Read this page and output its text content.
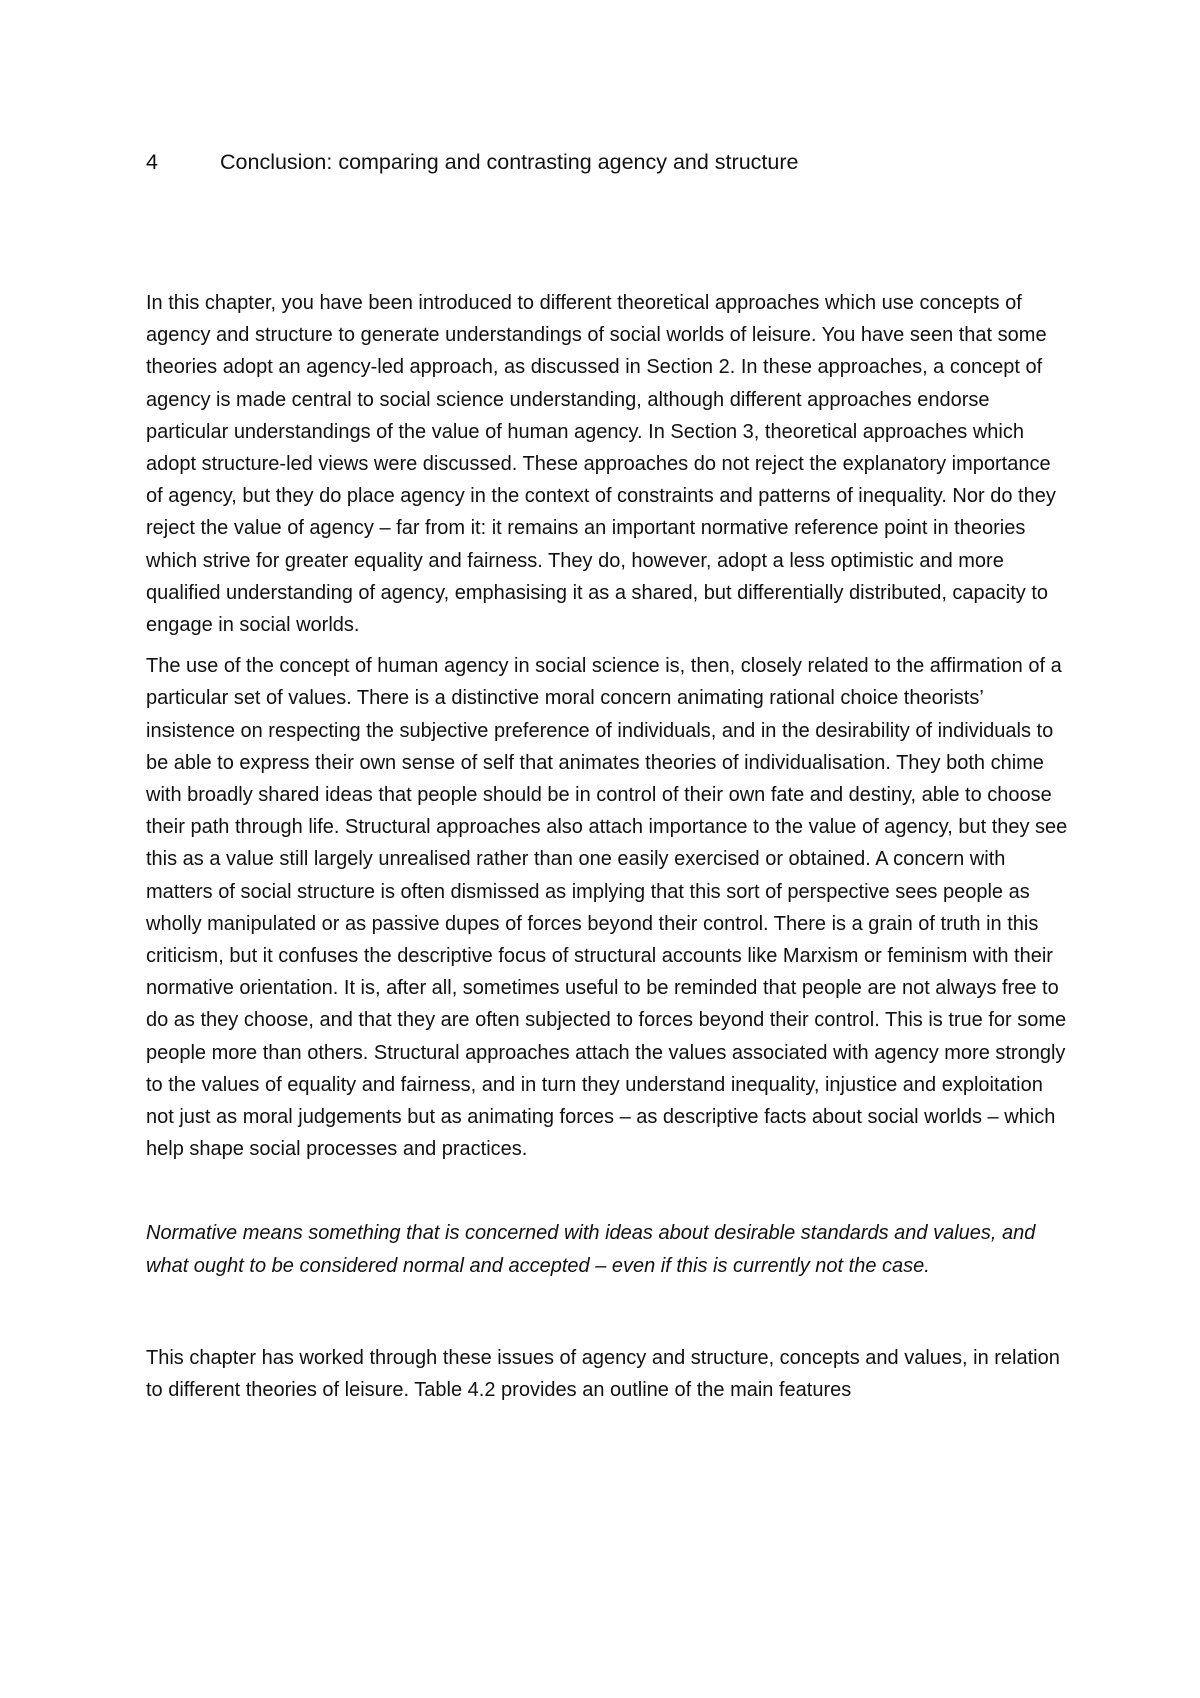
4	Conclusion: comparing and contrasting agency and structure

In this chapter, you have been introduced to different theoretical approaches which use concepts of agency and structure to generate understandings of social worlds of leisure. You have seen that some theories adopt an agency-led approach, as discussed in Section 2. In these approaches, a concept of agency is made central to social science understanding, although different approaches endorse particular understandings of the value of human agency. In Section 3, theoretical approaches which adopt structure-led views were discussed. These approaches do not reject the explanatory importance of agency, but they do place agency in the context of constraints and patterns of inequality. Nor do they reject the value of agency – far from it: it remains an important normative reference point in theories which strive for greater equality and fairness. They do, however, adopt a less optimistic and more qualified understanding of agency, emphasising it as a shared, but differentially distributed, capacity to engage in social worlds.

The use of the concept of human agency in social science is, then, closely related to the affirmation of a particular set of values. There is a distinctive moral concern animating rational choice theorists’ insistence on respecting the subjective preference of individuals, and in the desirability of individuals to be able to express their own sense of self that animates theories of individualisation. They both chime with broadly shared ideas that people should be in control of their own fate and destiny, able to choose their path through life. Structural approaches also attach importance to the value of agency, but they see this as a value still largely unrealised rather than one easily exercised or obtained. A concern with matters of social structure is often dismissed as implying that this sort of perspective sees people as wholly manipulated or as passive dupes of forces beyond their control. There is a grain of truth in this criticism, but it confuses the descriptive focus of structural accounts like Marxism or feminism with their normative orientation. It is, after all, sometimes useful to be reminded that people are not always free to do as they choose, and that they are often subjected to forces beyond their control. This is true for some people more than others. Structural approaches attach the values associated with agency more strongly to the values of equality and fairness, and in turn they understand inequality, injustice and exploitation not just as moral judgements but as animating forces – as descriptive facts about social worlds – which help shape social processes and practices.

Normative means something that is concerned with ideas about desirable standards and values, and what ought to be considered normal and accepted – even if this is currently not the case.

This chapter has worked through these issues of agency and structure, concepts and values, in relation to different theories of leisure. Table 4.2 provides an outline of the main features
